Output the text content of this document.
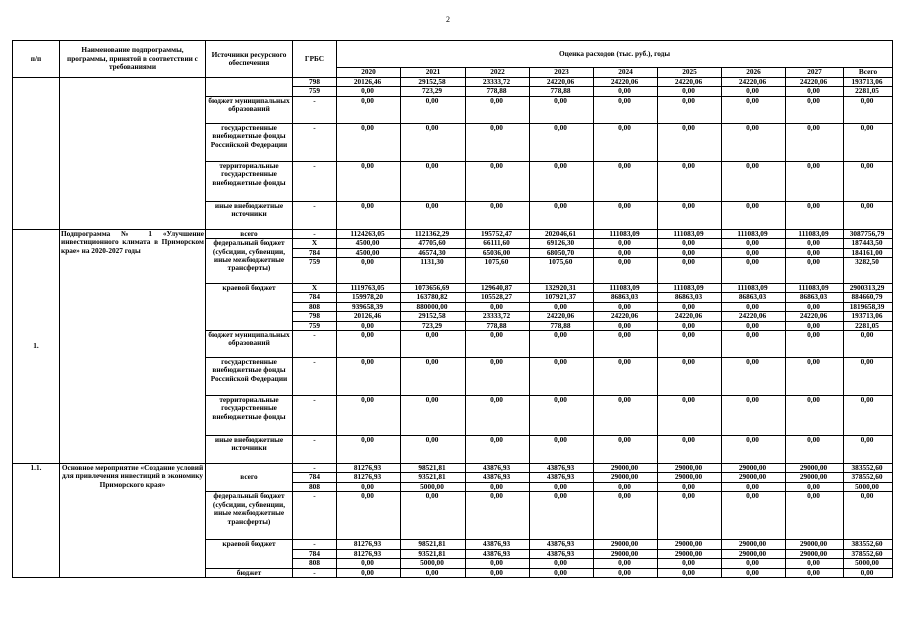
2
п/п	Наименование подпрограммы, программы, принятой в соответствии с требованиями	Источники ресурсного обеспечения	ГРБС	Оценка расходов (тыс. руб.), годы								
				2020	2021	2022	2023	2024	2025	2026	2027	Всего
			798	20126,46	29152,58	23333,72	24220,06	24220,06	24220,06	24220,06	24220,06	193713,06
			759	0,00	723,29	778,88	778,88	0,00	0,00	0,00	0,00	2281,05
		бюджет муниципальных образований	-	0,00	0,00	0,00	0,00	0,00	0,00	0,00	0,00	0,00
		государственные внебюджетные фонды Российской Федерации	-	0,00	0,00	0,00	0,00	0,00	0,00	0,00	0,00	0,00
		территориальные государственные внебюджетные фонды	-	0,00	0,00	0,00	0,00	0,00	0,00	0,00	0,00	0,00
		иные внебюджетные источники	-	0,00	0,00	0,00	0,00	0,00	0,00	0,00	0,00	0,00
1.	Подпрограмма № 1 «Улучшение инвестиционного климата в Приморском крае» на 2020-2027 годы	всего	-	1124263,05	1121362,29	195752,47	202046,61	111083,09	111083,09	111083,09	111083,09	3087756,79
		федеральный бюджет (субсидии, субвенции, иные межбюджетные трансферты)	X	4500,00	47705,60	66111,60	69126,30	0,00	0,00	0,00	0,00	187443,50
			784	4500,00	46574,30	65036,00	68050,70	0,00	0,00	0,00	0,00	184161,00
			759	0,00	1131,30	1075,60	1075,60	0,00	0,00	0,00	0,00	3282,50
		краевой бюджет	X	1119763,05	1073656,69	129640,87	132920,31	111083,09	111083,09	111083,09	111083,09	2900313,29
			784	159978,20	163780,82	105528,27	107921,37	86863,03	86863,03	86863,03	86863,03	884660,79
			808	939658,39	880000,00	0,00	0,00	0,00	0,00	0,00	0,00	1819658,39
			798	20126,46	29152,58	23333,72	24220,06	24220,06	24220,06	24220,06	24220,06	193713,06
			759	0,00	723,29	778,88	778,88	0,00	0,00	0,00	0,00	2281,05
		бюджет муниципальных образований	-	0,00	0,00	0,00	0,00	0,00	0,00	0,00	0,00	0,00
		государственные внебюджетные фонды Российской Федерации	-	0,00	0,00	0,00	0,00	0,00	0,00	0,00	0,00	0,00
		территориальные государственные внебюджетные фонды	-	0,00	0,00	0,00	0,00	0,00	0,00	0,00	0,00	0,00
		иные внебюджетные источники	-	0,00	0,00	0,00	0,00	0,00	0,00	0,00	0,00	0,00
1.1.	Основное мероприятие «Создание условий для привлечения инвестиций в экономику Приморского края»	всего	-	81276,93	98521,81	43876,93	43876,93	29000,00	29000,00	29000,00	29000,00	383552,60
			784	81276,93	93521,81	43876,93	43876,93	29000,00	29000,00	29000,00	29000,00	378552,60
			808	0,00	5000,00	0,00	0,00	0,00	0,00	0,00	0,00	5000,00
		федеральный бюджет (субсидии, субвенции, иные межбюджетные трансферты)	-	0,00	0,00	0,00	0,00	0,00	0,00	0,00	0,00	0,00
		краевой бюджет	-	81276,93	98521,81	43876,93	43876,93	29000,00	29000,00	29000,00	29000,00	383552,60
			784	81276,93	93521,81	43876,93	43876,93	29000,00	29000,00	29000,00	29000,00	378552,60
			808	0,00	5000,00	0,00	0,00	0,00	0,00	0,00	0,00	5000,00
		бюджет	-	0,00	0,00	0,00	0,00	0,00	0,00	0,00	0,00	0,00
